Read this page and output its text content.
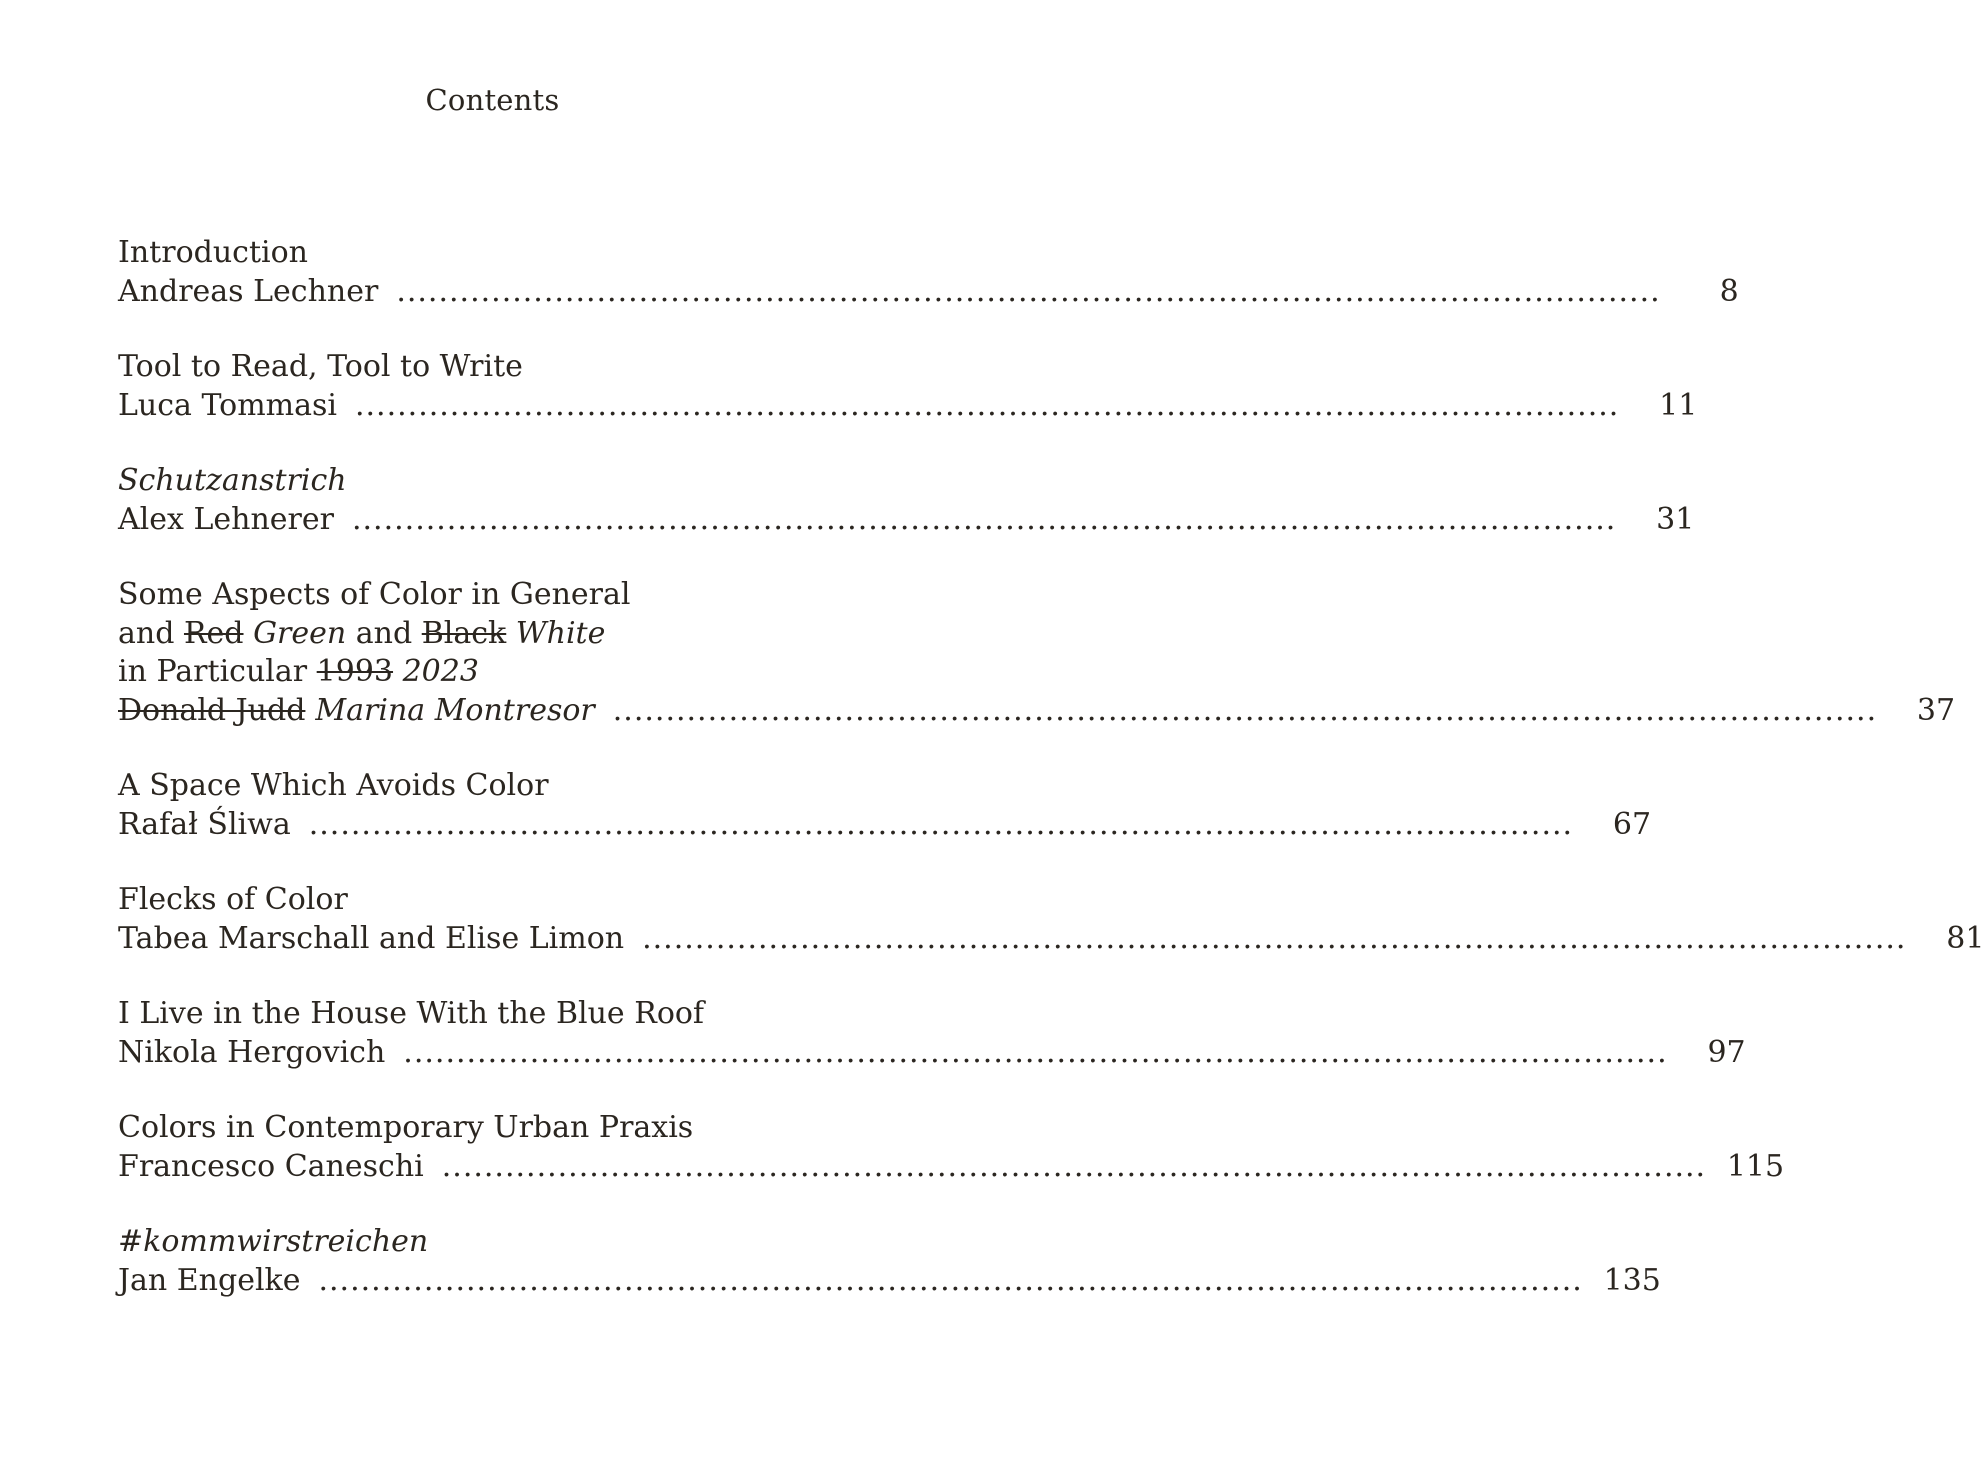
Contents
Introduction
Andreas Lechner ........................................................................................................................	8
Tool to Read, Tool to Write
Luca Tommasi ........................................................................................................................	11
Schutzanstrich
Alex Lehnerer ........................................................................................................................	31
Some Aspects of Color in General
and Red Green and Black White
in Particular 1993 2023
Donald Judd Marina Montresor ........................................................................................................................	37
A Space Which Avoids Color
Rafał Śliwa ........................................................................................................................	67
Flecks of Color
Tabea Marschall and Elise Limon ........................................................................................................................	81
I Live in the House With the Blue Roof
Nikola Hergovich ........................................................................................................................	97
Colors in Contemporary Urban Praxis
Francesco Caneschi ........................................................................................................................ 115
#kommwirstreichen
Jan Engelke ........................................................................................................................ 135
